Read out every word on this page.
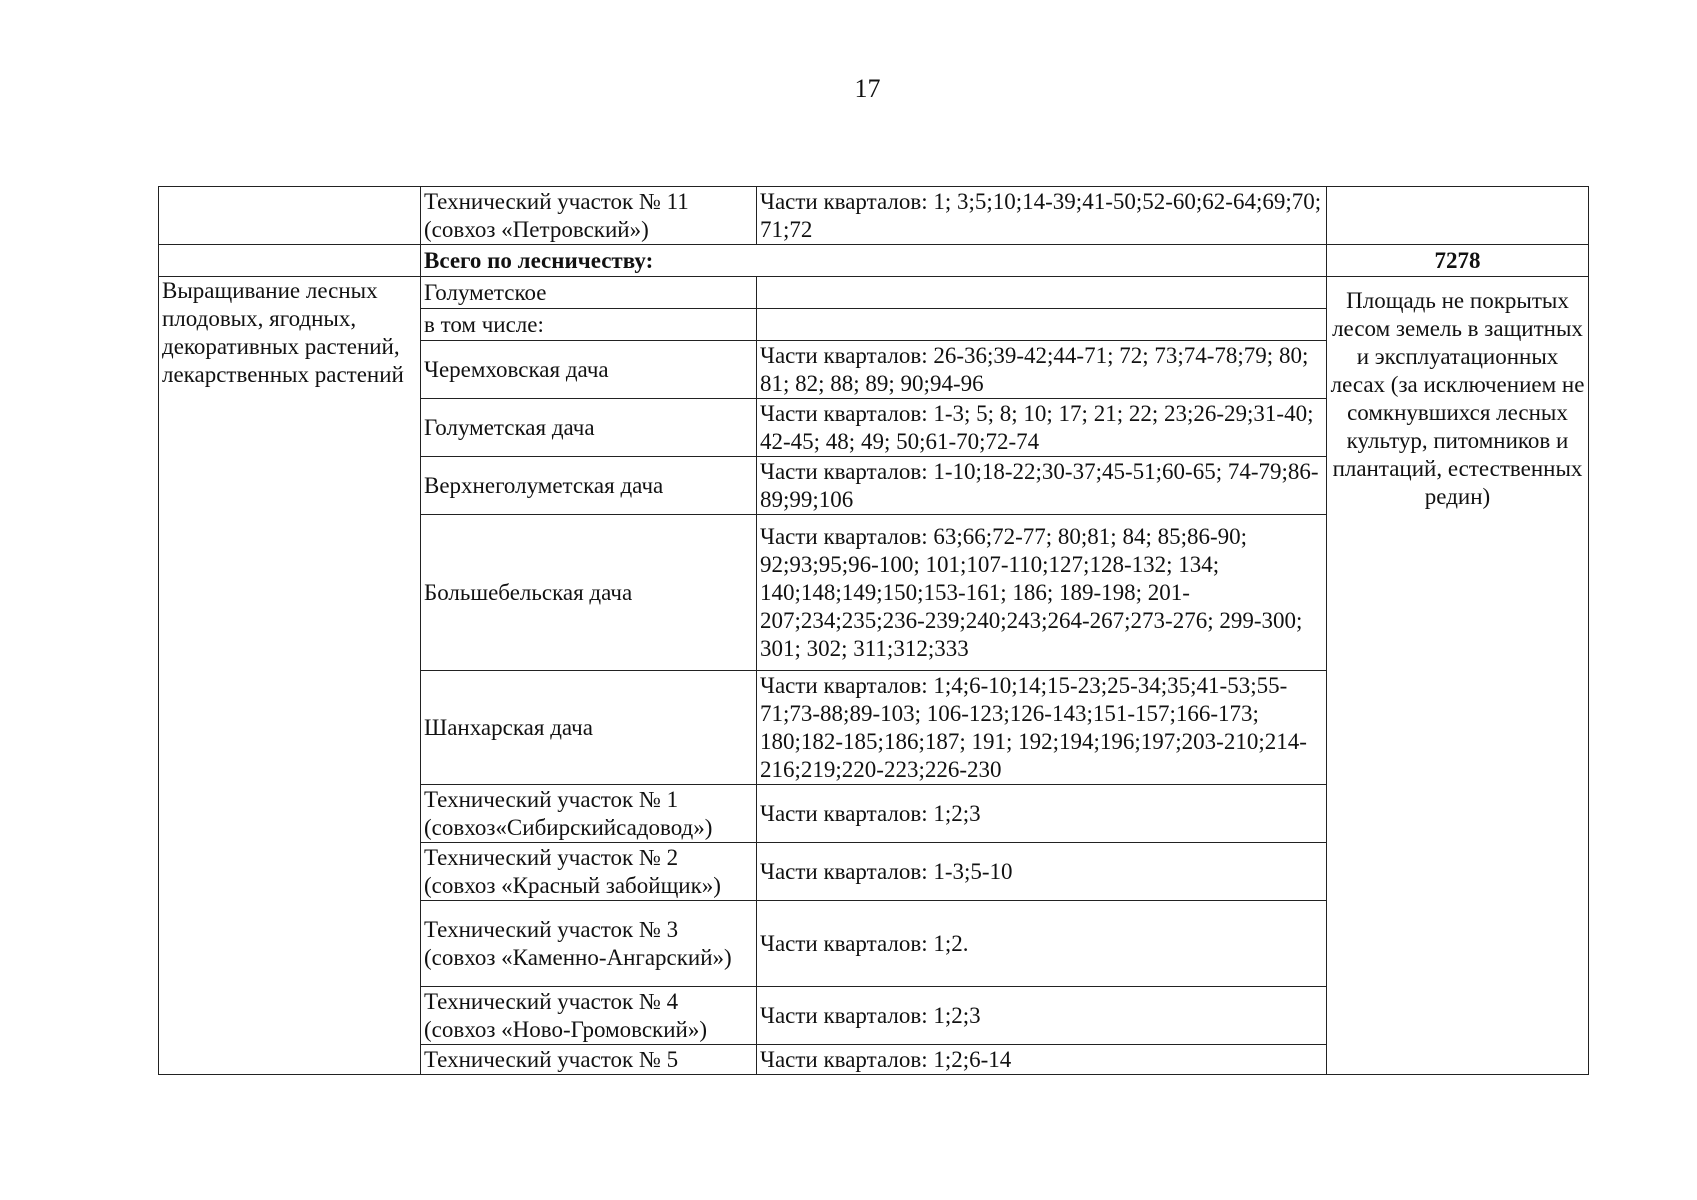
17
	Технический участок № 11 (совхоз «Петровский»)	Части кварталов: 1; 3;5;10;14-39;41-50;52-60;62-64;69;70; 71;72	
	Всего по лесничеству:		7278
Выращивание лесных плодовых, ягодных, декоративных растений, лекарственных растений	Голуметское		Площадь не покрытых лесом земель в защитных и эксплуатационных лесах (за исключением не сомкнувшихся лесных культур, питомников и плантаций, естественных редин)
	в том числе:		
	Черемховская дача	Части кварталов: 26-36;39-42;44-71; 72; 73;74-78;79; 80; 81; 82; 88; 89; 90;94-96	
	Голуметская дача	Части кварталов: 1-3; 5; 8; 10; 17; 21; 22; 23;26-29;31-40; 42-45; 48; 49; 50;61-70;72-74	
	Верхнеголуметская дача	Части кварталов: 1-10;18-22;30-37;45-51;60-65; 74-79;86-89;99;106	
	Большебельская дача	Части кварталов: 63;66;72-77; 80;81; 84; 85;86-90; 92;93;95;96-100; 101;107-110;127;128-132; 134; 140;148;149;150;153-161; 186; 189-198; 201-207;234;235;236-239;240;243;264-267;273-276; 299-300; 301; 302; 311;312;333	
	Шанхарская дача	Части кварталов: 1;4;6-10;14;15-23;25-34;35;41-53;55-71;73-88;89-103; 106-123;126-143;151-157;166-173; 180;182-185;186;187; 191; 192;194;196;197;203-210;214-216;219;220-223;226-230	
	Технический участок № 1 (совхоз«Сибирскийсадовод»)	Части кварталов: 1;2;3	
	Технический участок № 2 (совхоз «Красный забойщик»)	Части кварталов: 1-3;5-10	
	Технический участок № 3 (совхоз «Каменно-Ангарский»)	Части кварталов: 1;2.	
	Технический участок № 4 (совхоз «Ново-Громовский»)	Части кварталов: 1;2;3	
	Технический участок № 5	Части кварталов: 1;2;6-14	
